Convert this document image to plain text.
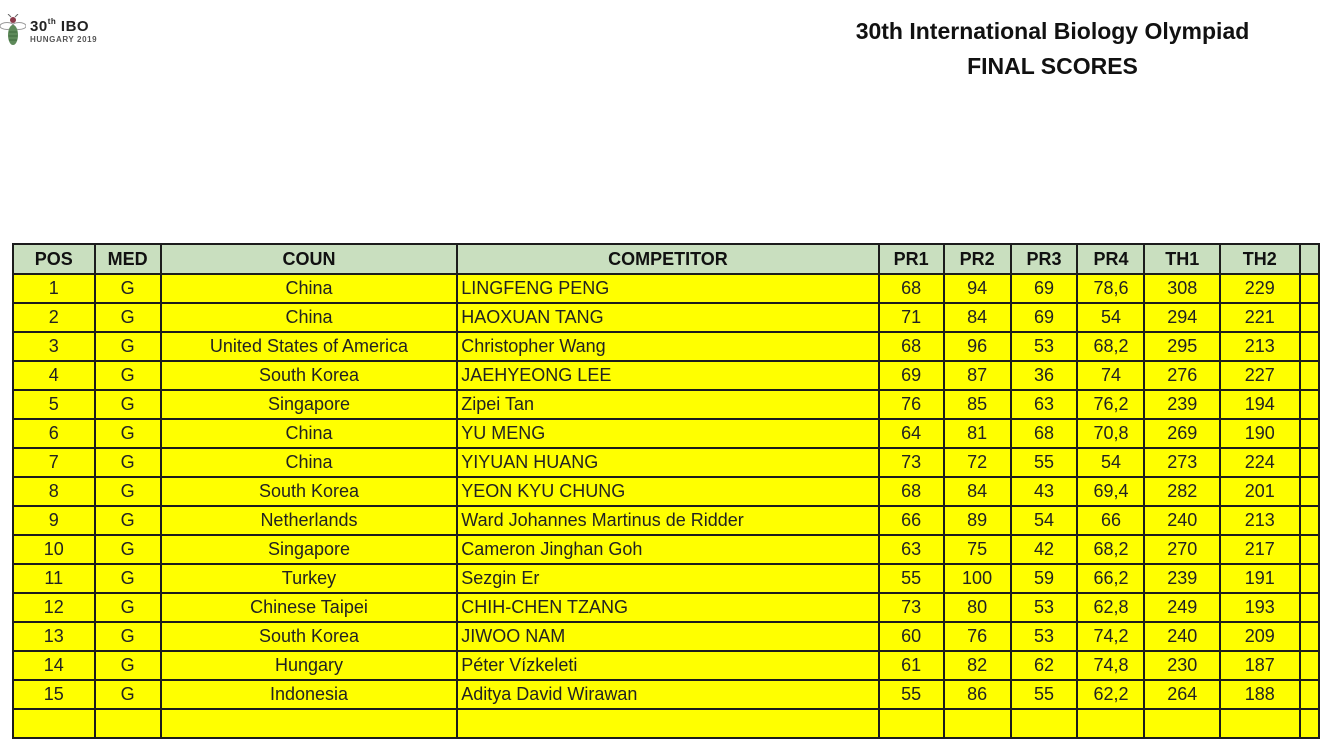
30th IBO
HUNGARY 2019	30th International Biology Olympiad
FINAL SCORES
POS	MED	COUN	COMPETITOR	PR1	PR2	PR3	PR4	TH1	TH2	
1	G	China	LINGFENG PENG	68	94	69	78,6	308	229	
2	G	China	HAOXUAN TANG	71	84	69	54	294	221	
3	G	United States of America	Christopher Wang	68	96	53	68,2	295	213	
4	G	South Korea	JAEHYEONG LEE	69	87	36	74	276	227	
5	G	Singapore	Zipei Tan	76	85	63	76,2	239	194	
6	G	China	YU MENG	64	81	68	70,8	269	190	
7	G	China	YIYUAN HUANG	73	72	55	54	273	224	
8	G	South Korea	YEON KYU CHUNG	68	84	43	69,4	282	201	
9	G	Netherlands	Ward Johannes Martinus de Ridder	66	89	54	66	240	213	
10	G	Singapore	Cameron Jinghan Goh	63	75	42	68,2	270	217	
11	G	Turkey	Sezgin Er	55	100	59	66,2	239	191	
12	G	Chinese Taipei	CHIH-CHEN TZANG	73	80	53	62,8	249	193	
13	G	South Korea	JIWOO NAM	60	76	53	74,2	240	209	
14	G	Hungary	Péter Vízkeleti	61	82	62	74,8	230	187	
15	G	Indonesia	Aditya David Wirawan	55	86	55	62,2	264	188	
